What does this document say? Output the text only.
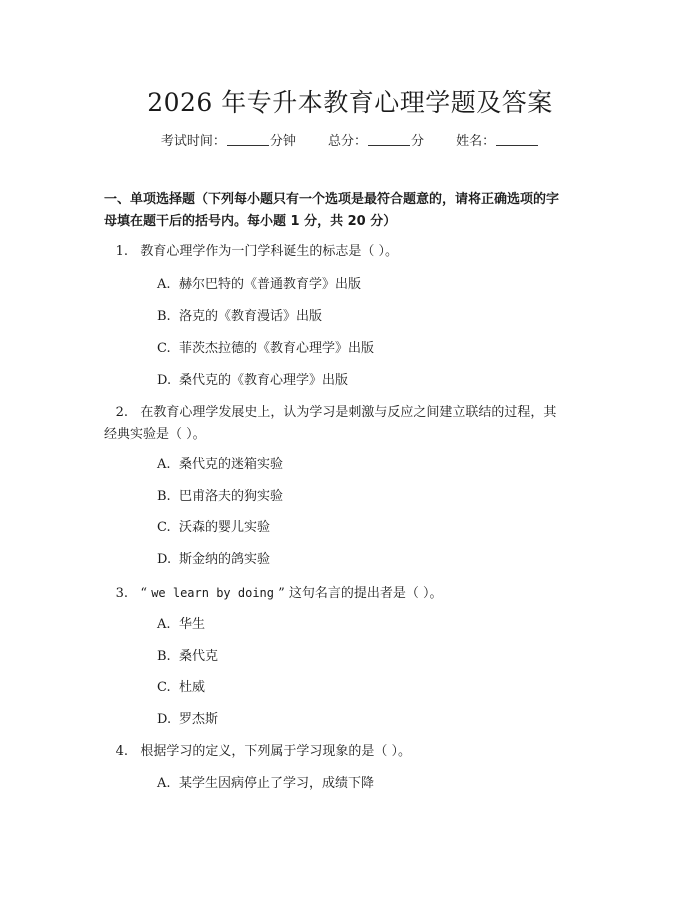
2026 年专升本教育心理学题及答案
考试时间：	分钟 总分：	分 姓名：
一、单项选择题（下列每小题只有一个选项是最符合题意的，请将正确选项的字
母填在题干后的括号内。每小题 1 分，共 20 分）
1. 教育心理学作为一门学科诞生的标志是（ ）。
A. 赫尔巴特的《普通教育学》出版
B. 洛克的《教育漫话》出版
C. 菲茨杰拉德的《教育心理学》出版
D. 桑代克的《教育心理学》出版
2. 在教育心理学发展史上，认为学习是刺激与反应之间建立联结的过程，其
经典实验是（ ）。
A. 桑代克的迷箱实验
B. 巴甫洛夫的狗实验
C. 沃森的婴儿实验
D. 斯金纳的鸽实验
3. “ we learn by doing ” 这句名言的提出者是（ ）。
A. 华生
B. 桑代克
C. 杜威
D. 罗杰斯
4. 根据学习的定义，下列属于学习现象的是（ ）。
A. 某学生因病停止了学习，成绩下降
